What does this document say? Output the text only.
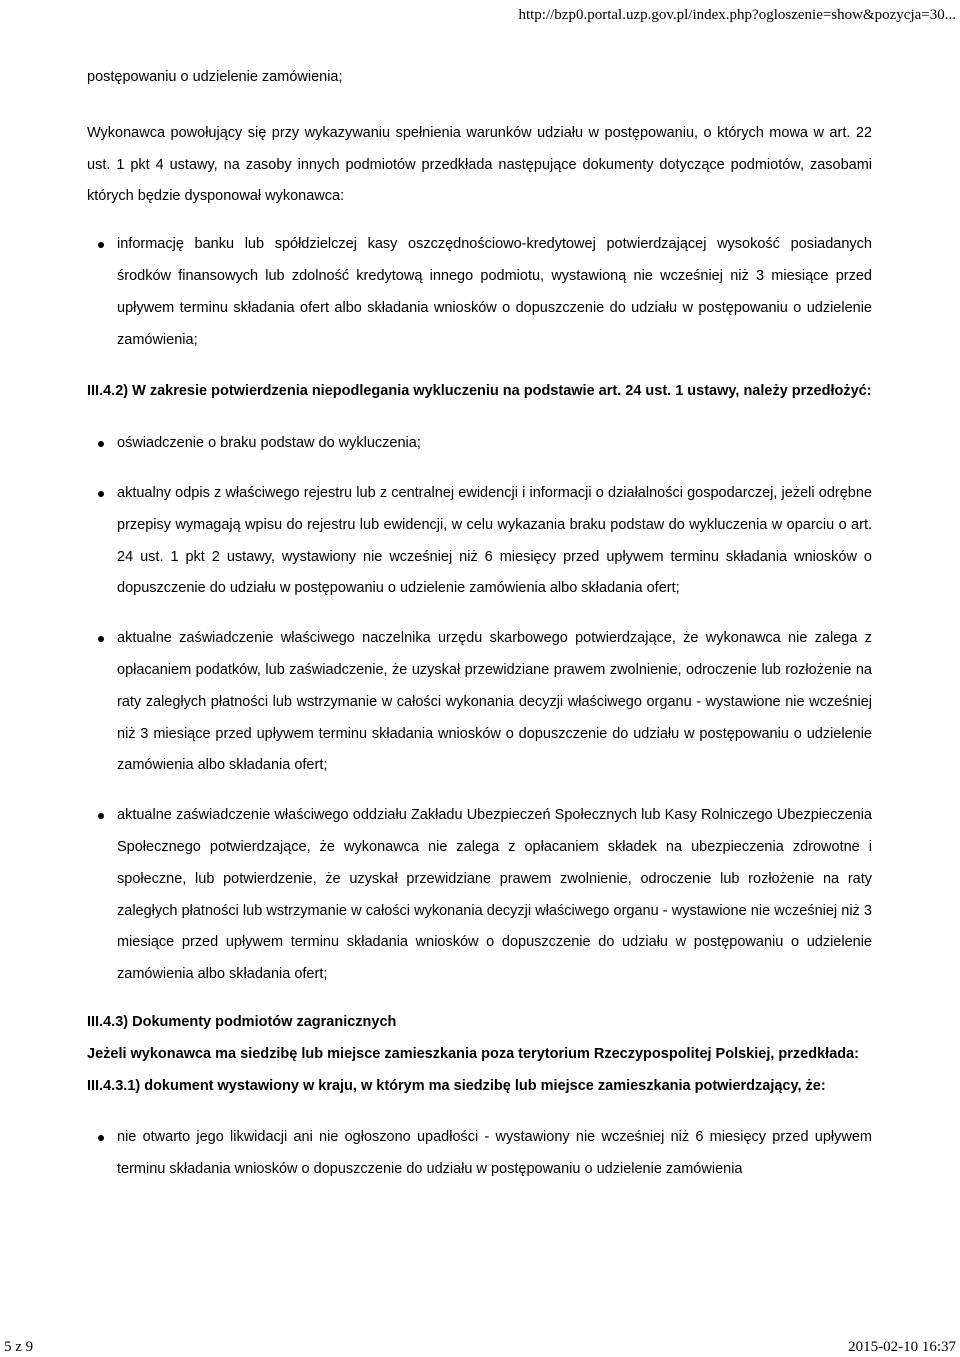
http://bzp0.portal.uzp.gov.pl/index.php?ogloszenie=show&pozycja=30...

postępowaniu o udzielenie zamówienia;

Wykonawca powołujący się przy wykazywaniu spełnienia warunków udziału w postępowaniu, o których mowa w art. 22 ust. 1 pkt 4 ustawy, na zasoby innych podmiotów przedkłada następujące dokumenty dotyczące podmiotów, zasobami których będzie dysponował wykonawca:

informację banku lub spółdzielczej kasy oszczędnościowo-kredytowej potwierdzającej wysokość posiadanych środków finansowych lub zdolność kredytową innego podmiotu, wystawioną nie wcześniej niż 3 miesiące przed upływem terminu składania ofert albo składania wniosków o dopuszczenie do udziału w postępowaniu o udzielenie zamówienia;

III.4.2) W zakresie potwierdzenia niepodlegania wykluczeniu na podstawie art. 24 ust. 1 ustawy, należy przedłożyć:

oświadczenie o braku podstaw do wykluczenia;
aktualny odpis z właściwego rejestru lub z centralnej ewidencji i informacji o działalności gospodarczej, jeżeli odrębne przepisy wymagają wpisu do rejestru lub ewidencji, w celu wykazania braku podstaw do wykluczenia w oparciu o art. 24 ust. 1 pkt 2 ustawy, wystawiony nie wcześniej niż 6 miesięcy przed upływem terminu składania wniosków o dopuszczenie do udziału w postępowaniu o udzielenie zamówienia albo składania ofert;
aktualne zaświadczenie właściwego naczelnika urzędu skarbowego potwierdzające, że wykonawca nie zalega z opłacaniem podatków, lub zaświadczenie, że uzyskał przewidziane prawem zwolnienie, odroczenie lub rozłożenie na raty zaległych płatności lub wstrzymanie w całości wykonania decyzji właściwego organu - wystawione nie wcześniej niż 3 miesiące przed upływem terminu składania wniosków o dopuszczenie do udziału w postępowaniu o udzielenie zamówienia albo składania ofert;
aktualne zaświadczenie właściwego oddziału Zakładu Ubezpieczeń Społecznych lub Kasy Rolniczego Ubezpieczenia Społecznego potwierdzające, że wykonawca nie zalega z opłacaniem składek na ubezpieczenia zdrowotne i społeczne, lub potwierdzenie, że uzyskał przewidziane prawem zwolnienie, odroczenie lub rozłożenie na raty zaległych płatności lub wstrzymanie w całości wykonania decyzji właściwego organu - wystawione nie wcześniej niż 3 miesiące przed upływem terminu składania wniosków o dopuszczenie do udziału w postępowaniu o udzielenie zamówienia albo składania ofert;

III.4.3) Dokumenty podmiotów zagranicznych

Jeżeli wykonawca ma siedzibę lub miejsce zamieszkania poza terytorium Rzeczypospolitej Polskiej, przedkłada:

III.4.3.1) dokument wystawiony w kraju, w którym ma siedzibę lub miejsce zamieszkania potwierdzający, że:

nie otwarto jego likwidacji ani nie ogłoszono upadłości - wystawiony nie wcześniej niż 6 miesięcy przed upływem terminu składania wniosków o dopuszczenie do udziału w postępowaniu o udzielenie zamówienia
5 z 9	2015-02-10 16:37
